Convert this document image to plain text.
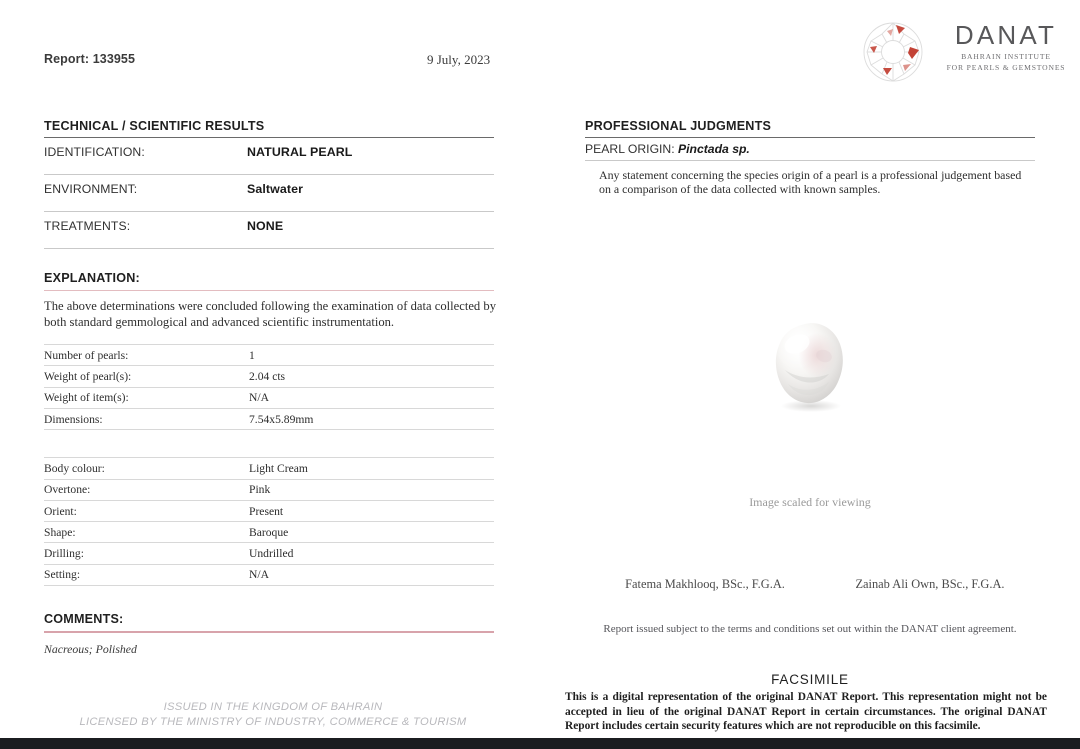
Report: 133955	9 July, 2023
DANAT
BAHRAIN INSTITUTE
FOR PEARLS & GEMSTONES
TECHNICAL / SCIENTIFIC RESULTS
IDENTIFICATION:	NATURAL PEARL
ENVIRONMENT:	Saltwater
TREATMENTS:	NONE
EXPLANATION:
The above determinations were concluded following the examination of data collected by both standard gemmological and advanced scientific instrumentation.
Number of pearls:	1
Weight of pearl(s):	2.04 cts
Weight of item(s):	N/A
Dimensions:	7.54x5.89mm
Body colour:	Light Cream
Overtone:	Pink
Orient:	Present
Shape:	Baroque
Drilling:	Undrilled
Setting:	N/A
COMMENTS:
Nacreous; Polished
PROFESSIONAL JUDGMENTS
PEARL ORIGIN: Pinctada sp.
Any statement concerning the species origin of a pearl is a professional judgement based on a comparison of the data collected with known samples.
Image scaled for viewing
Fatema Makhlooq, BSc., F.G.A.	Zainab Ali Own, BSc., F.G.A.
Report issued subject to the terms and conditions set out within the DANAT client agreement.
FACSIMILE
This is a digital representation of the original DANAT Report. This representation might not be accepted in lieu of the original DANAT Report in certain circumstances. The original DANAT Report includes certain security features which are not reproducible on this facsimile.
ISSUED IN THE KINGDOM OF BAHRAIN
LICENSED BY THE MINISTRY OF INDUSTRY, COMMERCE & TOURISM
